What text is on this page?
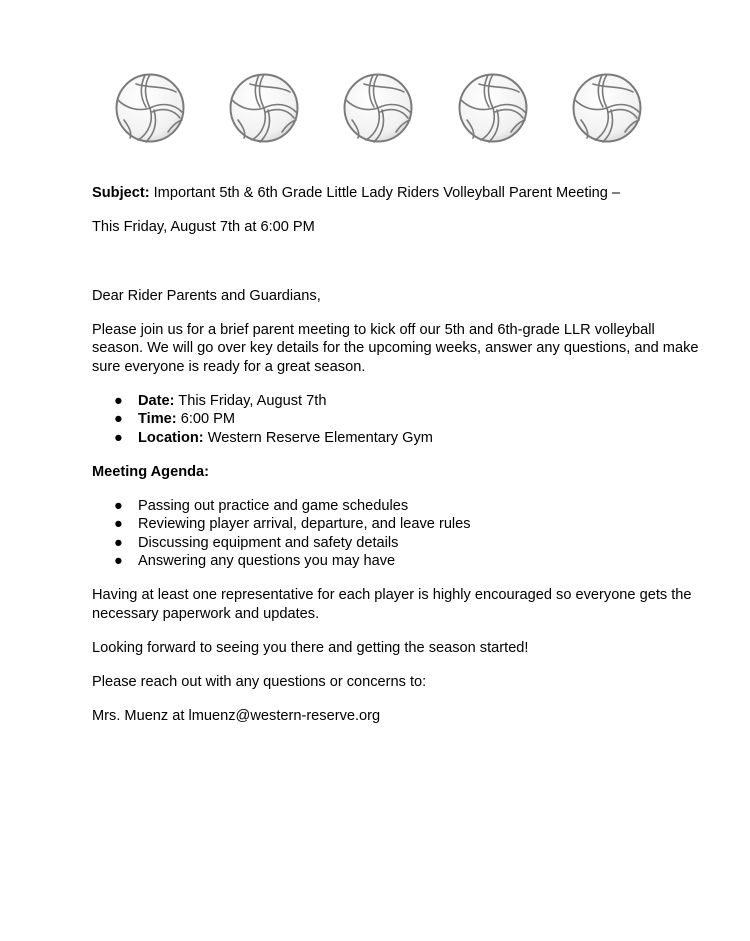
Subject: Important 5th & 6th Grade Little Lady Riders Volleyball Parent Meeting –

This Friday, August 7th at 6:00 PM

Dear Rider Parents and Guardians,

Please join us for a brief parent meeting to kick off our 5th and 6th-grade LLR volleyball season. We will go over key details for the upcoming weeks, answer any questions, and make sure everyone is ready for a great season.

● Date: This Friday, August 7th
● Time: 6:00 PM
● Location: Western Reserve Elementary Gym

Meeting Agenda:

● Passing out practice and game schedules
● Reviewing player arrival, departure, and leave rules
● Discussing equipment and safety details
● Answering any questions you may have

Having at least one representative for each player is highly encouraged so everyone gets the necessary paperwork and updates.

Looking forward to seeing you there and getting the season started!

Please reach out with any questions or concerns to:

Mrs. Muenz at lmuenz@western-reserve.org
